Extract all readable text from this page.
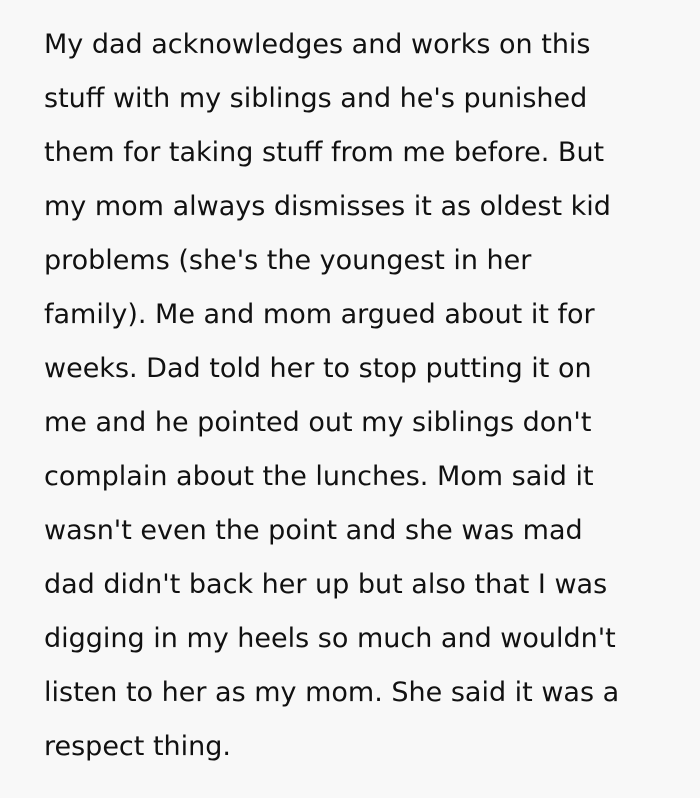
My dad acknowledges and works on this
stuff with my siblings and he's punished
them for taking stuff from me before. But
my mom always dismisses it as oldest kid
problems (she's the youngest in her
family). Me and mom argued about it for
weeks. Dad told her to stop putting it on
me and he pointed out my siblings don't
complain about the lunches. Mom said it
wasn't even the point and she was mad
dad didn't back her up but also that I was
digging in my heels so much and wouldn't
listen to her as my mom. She said it was a
respect thing.
